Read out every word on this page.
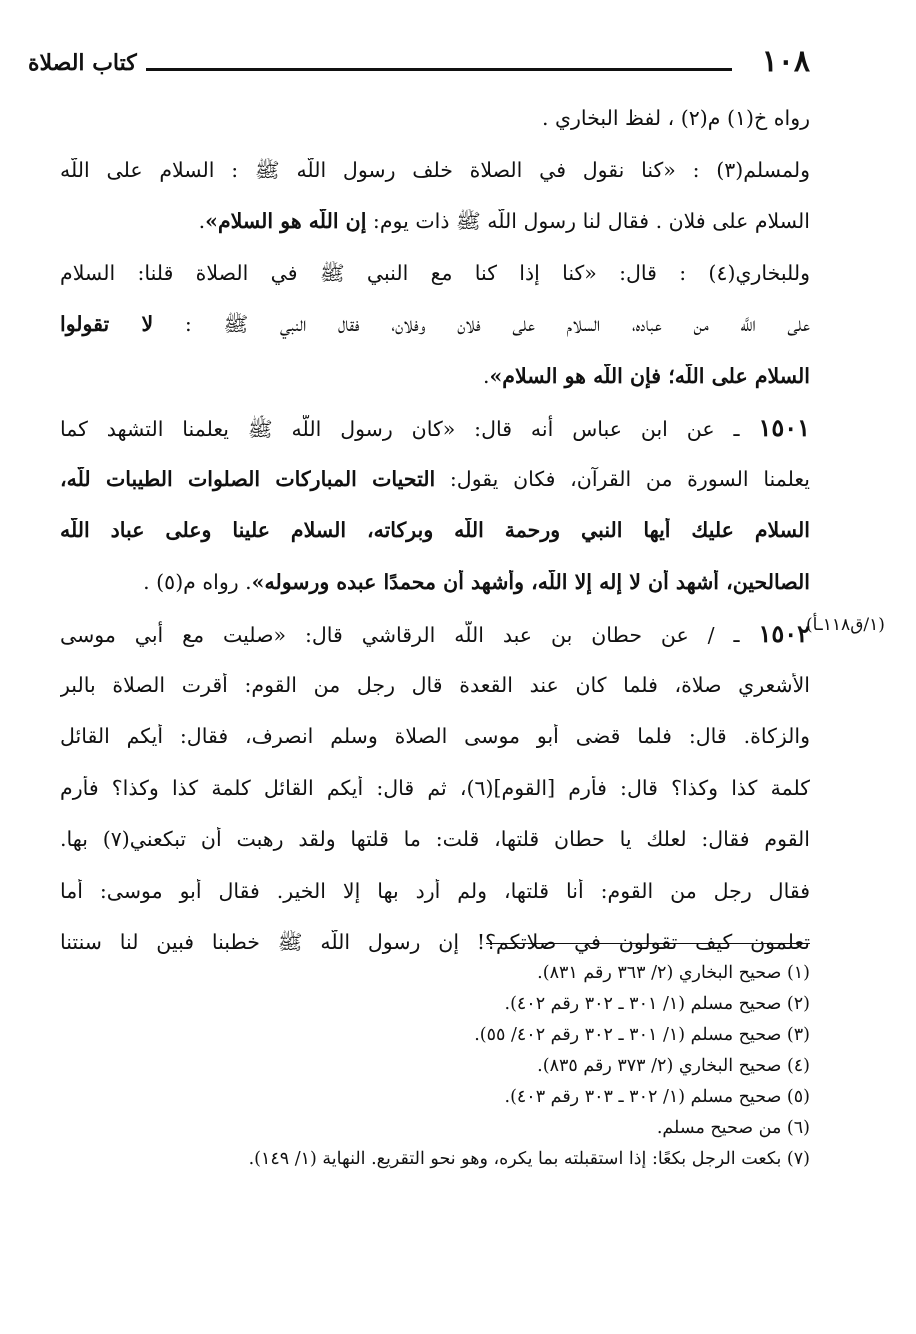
١٠٨
كتاب الصلاة
رواه خ(١) م(٢) ، لفظ البخاري .
ولمسلم(٣) : «كنا نقول في الصلاة خلف رسول اللَّه ﷺ : السلام على اللَّه
السلام على فلان . فقال لنا رسول اللَّه ﷺ ذات يوم: إن اللَّه هو السلام».
وللبخاري(٤) : قال: «كنا إذا كنا مع النبي ﷺ في الصلاة قلنا: السلام
على اللَّه من عباده، السلام على فلان وفلان، فقال النبي ﷺ : لا تقولوا
السلام على اللَّه؛ فإن اللَّه هو السلام».
١٥٠١ ـ عن ابن عباس أنه قال: «كان رسول اللَّه ﷺ يعلمنا التشهد كما
يعلمنا السورة من القرآن، فكان يقول: التحيات المباركات الصلوات الطيبات للَّه،
السلام عليك أيها النبي ورحمة اللَّه وبركاته، السلام علينا وعلى عباد اللَّه
الصالحين، أشهد أن لا إله إلا اللَّه، وأشهد أن محمدًا عبده ورسوله». رواه م(٥) .
١٥٠٢ ـ / عن حطان بن عبد اللَّه الرقاشي قال: «صليت مع أبي موسى
الأشعري صلاة، فلما كان عند القعدة قال رجل من القوم: أقرت الصلاة بالبر
والزكاة. قال: فلما قضى أبو موسى الصلاة وسلم انصرف، فقال: أيكم القائل
كلمة كذا وكذا؟ قال: فأرم [القوم](٦)، ثم قال: أيكم القائل كلمة كذا وكذا؟ فأرم
القوم فقال: لعلك يا حطان قلتها، قلت: ما قلتها ولقد رهبت أن تبكعني(٧) بها.
فقال رجل من القوم: أنا قلتها، ولم أرد بها إلا الخير. فقال أبو موسى: أما
تعلمون كيف تقولون في صلاتكم؟! إن رسول اللَّه ﷺ خطبنا فبين لنا سنتنا
(١/ق١١٨ـأ)
(١) صحيح البخاري (٢/ ٣٦٣ رقم ٨٣١).
(٢) صحيح مسلم (١/ ٣٠١ ـ ٣٠٢ رقم ٤٠٢).
(٣) صحيح مسلم (١/ ٣٠١ ـ ٣٠٢ رقم ٤٠٢/ ٥٥).
(٤) صحيح البخاري (٢/ ٣٧٣ رقم ٨٣٥).
(٥) صحيح مسلم (١/ ٣٠٢ ـ ٣٠٣ رقم ٤٠٣).
(٦) من صحيح مسلم.
(٧) بكعت الرجل بكعًا: إذا استقبلته بما يكره، وهو نحو التقريع. النهاية (١/ ١٤٩).
